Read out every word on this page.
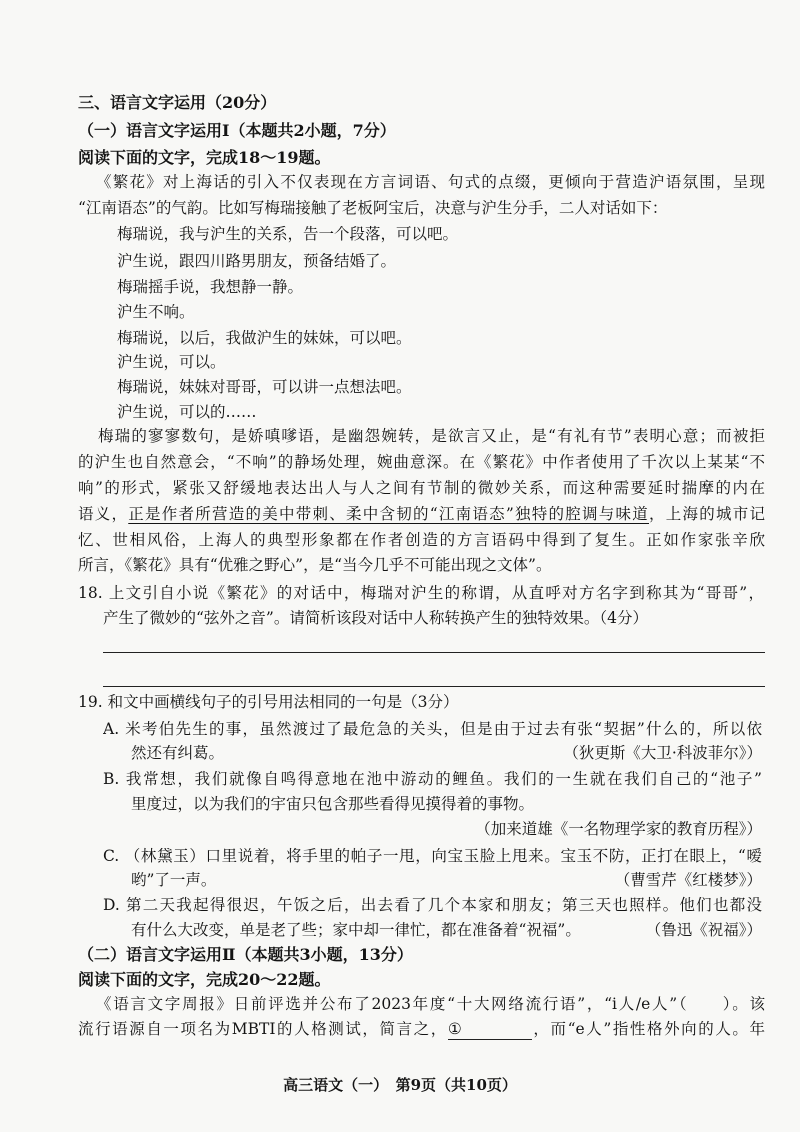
三、语言文字运用（20分）
（一）语言文字运用Ⅰ（本题共2小题，7分）
阅读下面的文字，完成18～19题。
《繁花》对上海话的引入不仅表现在方言词语、句式的点缀，更倾向于营造沪语氛围，呈现
“江南语态”的气韵。比如写梅瑞接触了老板阿宝后，决意与沪生分手，二人对话如下：
梅瑞说，我与沪生的关系，告一个段落，可以吧。
沪生说，跟四川路男朋友，预备结婚了。
梅瑞摇手说，我想静一静。
沪生不响。
梅瑞说，以后，我做沪生的妹妹，可以吧。
沪生说，可以。
梅瑞说，妹妹对哥哥，可以讲一点想法吧。
沪生说，可以的……
梅瑞的寥寥数句，是娇嗔嗲语，是幽怨婉转，是欲言又止，是“有礼有节”表明心意；而被拒
的沪生也自然意会，“不响”的静场处理，婉曲意深。在《繁花》中作者使用了千次以上某某“不
响”的形式，紧张又舒缓地表达出人与人之间有节制的微妙关系，而这种需要延时揣摩的内在
语义，正是作者所营造的美中带刺、柔中含韧的“江南语态”独特的腔调与味道，上海的城市记
忆、世相风俗，上海人的典型形象都在作者创造的方言语码中得到了复生。正如作家张辛欣
所言，《繁花》具有“优雅之野心”，是“当今几乎不可能出现之文体”。
18. 上文引自小说《繁花》的对话中，梅瑞对沪生的称谓，从直呼对方名字到称其为“哥哥”，
产生了微妙的“弦外之音”。请简析该段对话中人称转换产生的独特效果。（4分）
19. 和文中画横线句子的引号用法相同的一句是（3分）
A. 米考伯先生的事，虽然渡过了最危急的关头，但是由于过去有张“契据”什么的，所以依
然还有纠葛。	（狄更斯《大卫·科波菲尔》）
B. 我常想，我们就像自鸣得意地在池中游动的鲤鱼。我们的一生就在我们自己的“池子”
里度过，以为我们的宇宙只包含那些看得见摸得着的事物。
（加来道雄《一名物理学家的教育历程》）
C. （林黛玉）口里说着，将手里的帕子一甩，向宝玉脸上甩来。宝玉不防，正打在眼上，“嗳
哟”了一声。	（曹雪芹《红楼梦》）
D. 第二天我起得很迟，午饭之后，出去看了几个本家和朋友；第三天也照样。他们也都没
有什么大改变，单是老了些；家中却一律忙，都在准备着“祝福”。	（鲁迅《祝福》）
（二）语言文字运用Ⅱ（本题共3小题，13分）
阅读下面的文字，完成20～22题。
《语言文字周报》日前评选并公布了2023年度“十大网络流行语”，“i人/e人”（　　）。该
流行语源自一项名为MBTI的人格测试，简言之，①	，而“e人”指性格外向的人。年
高三语文（一）　第9页（共10页）
